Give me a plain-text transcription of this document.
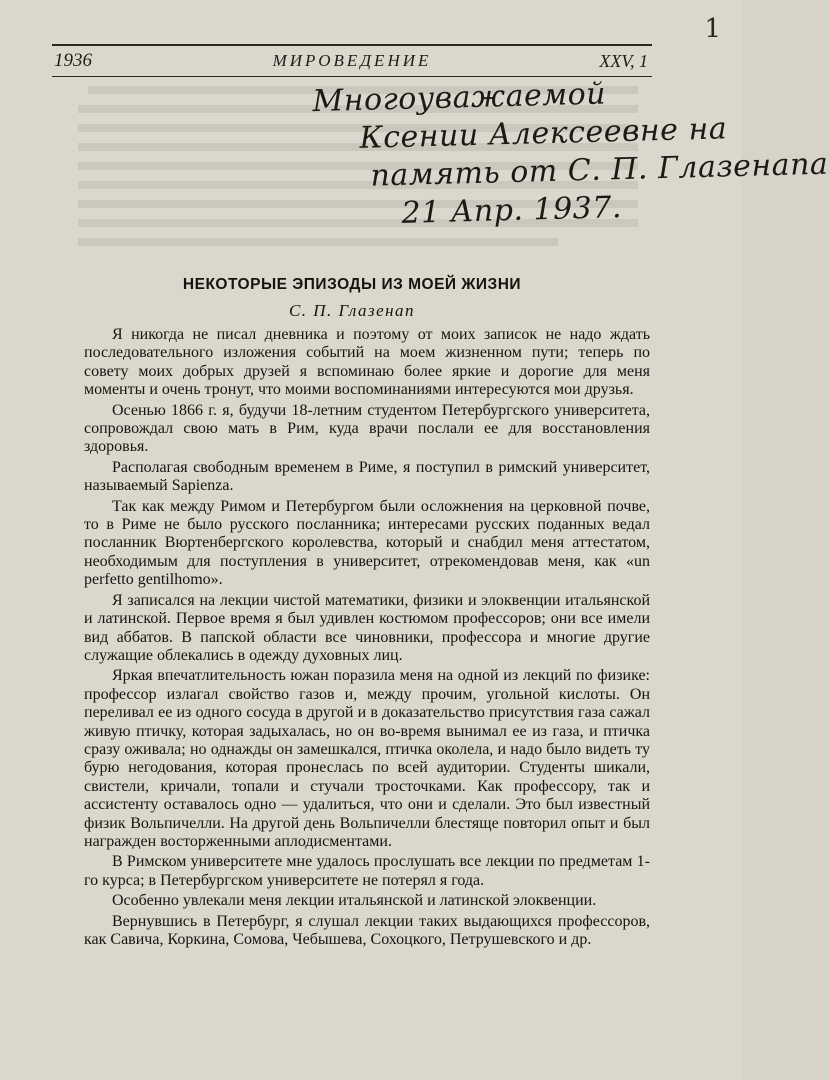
1
1936	МИРОВЕДЕНИЕ	XXV, 1
Многоуважаемой
Ксении Алексеевне на
память от С. П. Глазенапа
21 Апр. 1937.
НЕКОТОРЫЕ ЭПИЗОДЫ ИЗ МОЕЙ ЖИЗНИ
С. П. Глазенап

Я никогда не писал дневника и поэтому от моих записок не надо ждать последовательного изложения событий на моем жизненном пути; теперь по совету моих добрых друзей я вспоминаю более яркие и дорогие для меня моменты и очень тронут, что моими воспоминаниями интересуются мои друзья.

Осенью 1866 г. я, будучи 18-летним студентом Петербургского университета, сопровождал свою мать в Рим, куда врачи послали ее для восстановления здоровья.

Располагая свободным временем в Риме, я поступил в римский университет, называемый Sapienza.

Так как между Римом и Петербургом были осложнения на церковной почве, то в Риме не было русского посланника; интересами русских поданных ведал посланник Вюртенбергского королевства, который и снабдил меня аттестатом, необходимым для поступления в университет, отрекомендовав меня, как «un perfetto gentilhomo».

Я записался на лекции чистой математики, физики и элоквенции итальянской и латинской. Первое время я был удивлен костюмом профессоров; они все имели вид аббатов. В папской области все чиновники, профессора и многие другие служащие облекались в одежду духовных лиц.

Яркая впечатлительность южан поразила меня на одной из лекций по физике: профессор излагал свойство газов и, между прочим, угольной кислоты. Он переливал ее из одного сосуда в другой и в доказательство присутствия газа сажал живую птичку, которая задыхалась, но он во-время вынимал ее из газа, и птичка сразу оживала; но однажды он замешкался, птичка околела, и надо было видеть ту бурю негодования, которая пронеслась по всей аудитории. Студенты шикали, свистели, кричали, топали и стучали тросточками. Как профессору, так и ассистенту оставалось одно — удалиться, что они и сделали. Это был известный физик Вольпичелли. На другой день Вольпичелли блестяще повторил опыт и был награжден восторженными аплодисментами.

В Римском университете мне удалось прослушать все лекции по предметам 1-го курса; в Петербургском университете не потерял я года.

Особенно увлекали меня лекции итальянской и латинской элоквенции.

Вернувшись в Петербург, я слушал лекции таких выдающихся профессоров, как Савича, Коркина, Сомова, Чебышева, Сохоцкого, Петрушевского и др.
